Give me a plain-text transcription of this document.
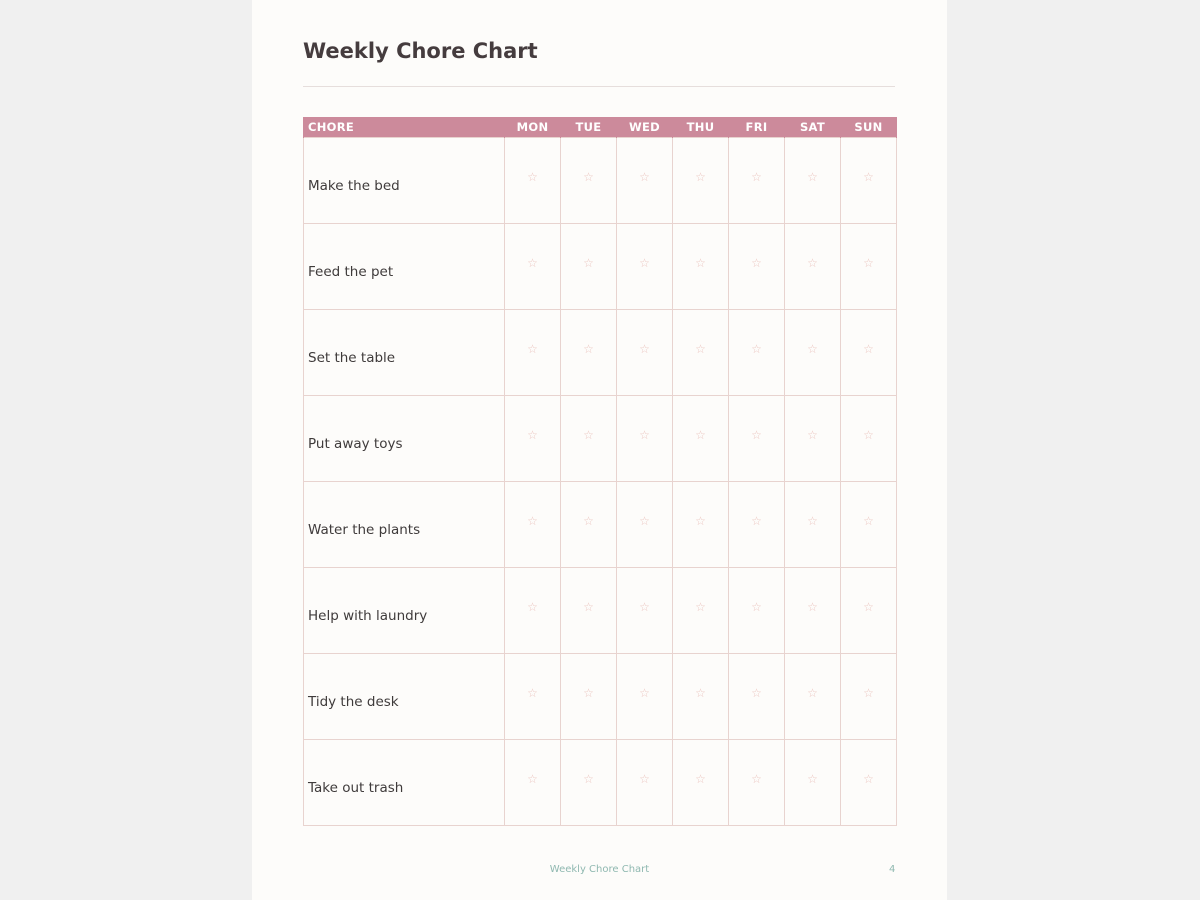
Weekly Chore Chart
CHORE	MON	TUE	WED	THU	FRI	SAT	SUN
Make the bed	☆	☆	☆	☆	☆	☆	☆
Feed the pet	☆	☆	☆	☆	☆	☆	☆
Set the table	☆	☆	☆	☆	☆	☆	☆
Put away toys	☆	☆	☆	☆	☆	☆	☆
Water the plants	☆	☆	☆	☆	☆	☆	☆
Help with laundry	☆	☆	☆	☆	☆	☆	☆
Tidy the desk	☆	☆	☆	☆	☆	☆	☆
Take out trash	☆	☆	☆	☆	☆	☆	☆
Weekly Chore Chart	4
